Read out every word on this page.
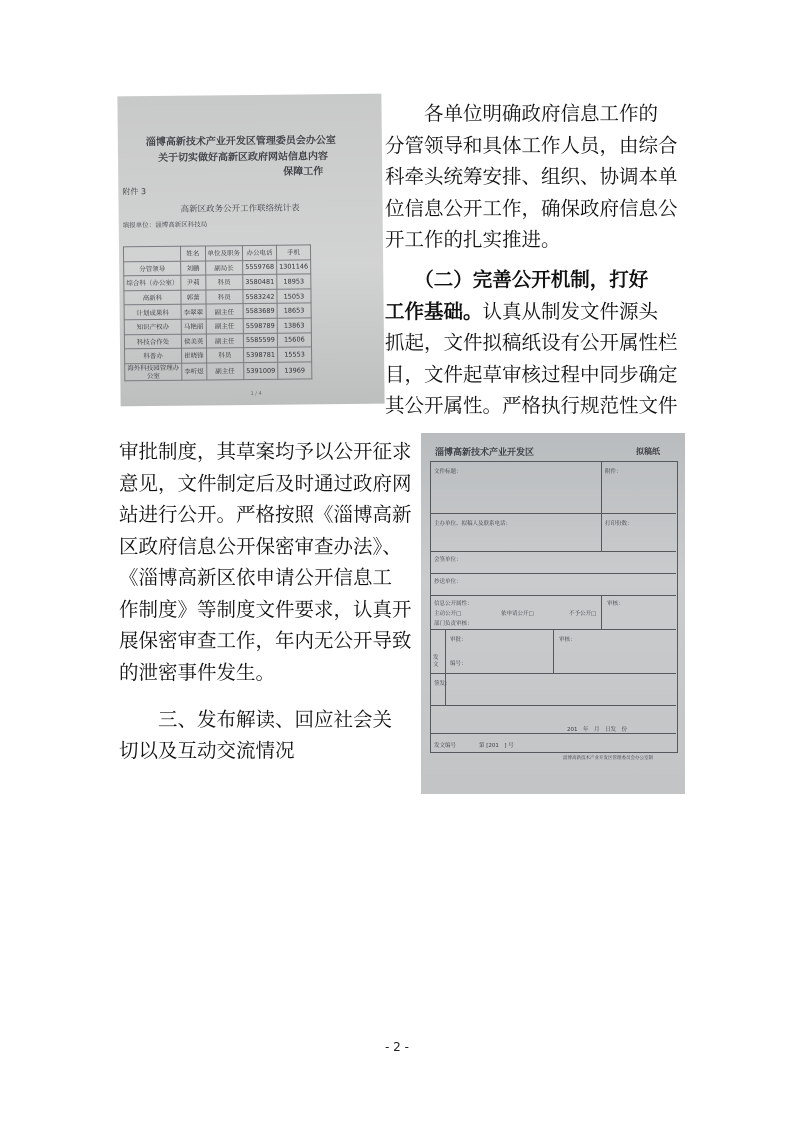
　　各单位明确政府信息工作的
分管领导和具体工作人员，由综合
科牵头统筹安排、组织、协调本单
位信息公开工作，确保政府信息公
开工作的扎实推进。
　　（二）完善公开机制，打好
工作基础。认真从制发文件源头
抓起，文件拟稿纸设有公开属性栏
目，文件起草审核过程中同步确定
其公开属性。严格执行规范性文件
审批制度，其草案均予以公开征求
意见，文件制定后及时通过政府网
站进行公开。严格按照《淄博高新
区政府信息公开保密审查办法》、
《淄博高新区依申请公开信息工
作制度》等制度文件要求，认真开
展保密审查工作，年内无公开导致
的泄密事件发生。
　　三、发布解读、回应社会关
切以及互动交流情况
淄博高新技术产业开发区管理委员会办公室
关于切实做好高新区政府网站信息内容
保障工作
附件 3
高新区政务公开工作联络统计表
填报单位：淄博高新区科技局
	姓名	单位及职务	办公电话	手机
分管领导	刘鹏	副局长	5559768	1301146
综合科（办公室）	尹莉	科员	3580481	18953
高新科	郭蕾	科员	5583242	15053
计划成果科	李翠翠	副主任	5583689	18653
知识产权办	马艳丽	副主任	5598789	13863
科技合作处	侯美英	副主任	5585599	15606
科普办	崔晓锋	科员	5398781	15553
海外科技园管理办公室	李听煜	副主任	5391009	13969
1 / 4
淄博高新技术产业开发区	拟稿纸
文件标题：	附件：
主办单位、拟稿人及联系电话：	打印份数：
会签单位：
抄送单位：
信息公开属性：
主动公开□	依申请公开□	不予公开□
审核：
部门负责审核：
发文
审批：
编号：
审核：
签发：
201　年　月　日发　份
发文编号	第 [201　] 号
淄博高新技术产业开发区管理委员会办公室制
- 2 -
